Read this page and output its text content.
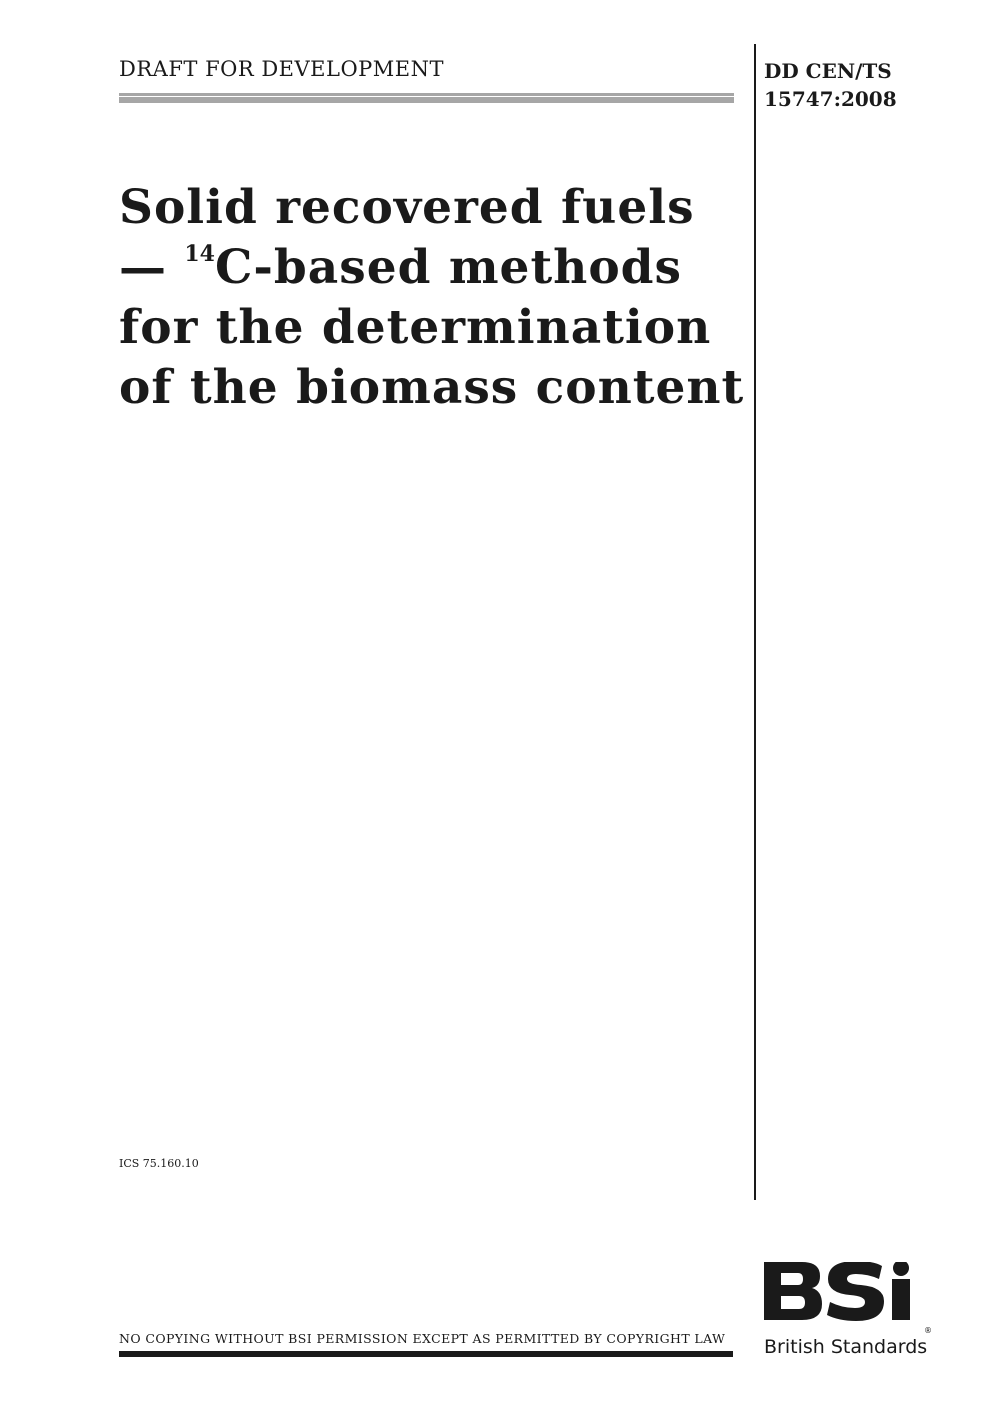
DRAFT FOR DEVELOPMENT	DD CEN/TS
15747:2008
Solid recovered fuels
— $^{14}$C-based methods
for the determination
of the biomass content
ICS 75.160.10
NO COPYING WITHOUT BSI PERMISSION EXCEPT AS PERMITTED BY COPYRIGHT LAW
®
British Standards
